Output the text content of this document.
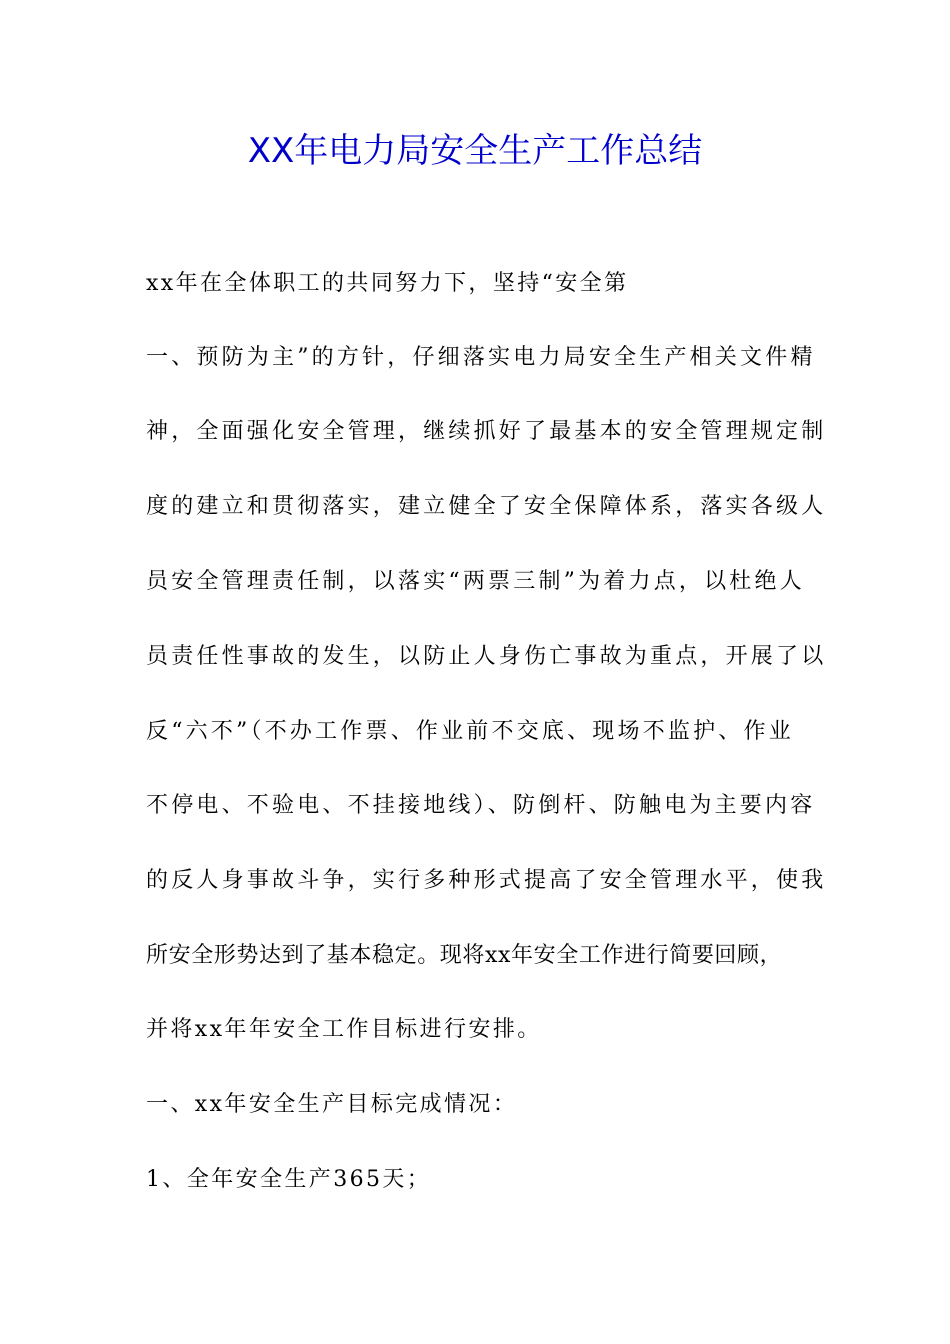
XX年电力局安全生产工作总结
xx年在全体职工的共同努力下，坚持“安全第
一、预防为主”的方针，仔细落实电力局安全生产相关文件精
神，全面强化安全管理，继续抓好了最基本的安全管理规定制
度的建立和贯彻落实，建立健全了安全保障体系，落实各级人
员安全管理责任制，以落实“两票三制”为着力点，以杜绝人
员责任性事故的发生，以防止人身伤亡事故为重点，开展了以
反“六不”（不办工作票、作业前不交底、现场不监护、作业
不停电、不验电、不挂接地线）、防倒杆、防触电为主要内容
的反人身事故斗争，实行多种形式提高了安全管理水平，使我
所安全形势达到了基本稳定。现将xx年安全工作进行简要回顾，
并将xx年年安全工作目标进行安排。
一、xx年安全生产目标完成情况：
1、全年安全生产365天；
